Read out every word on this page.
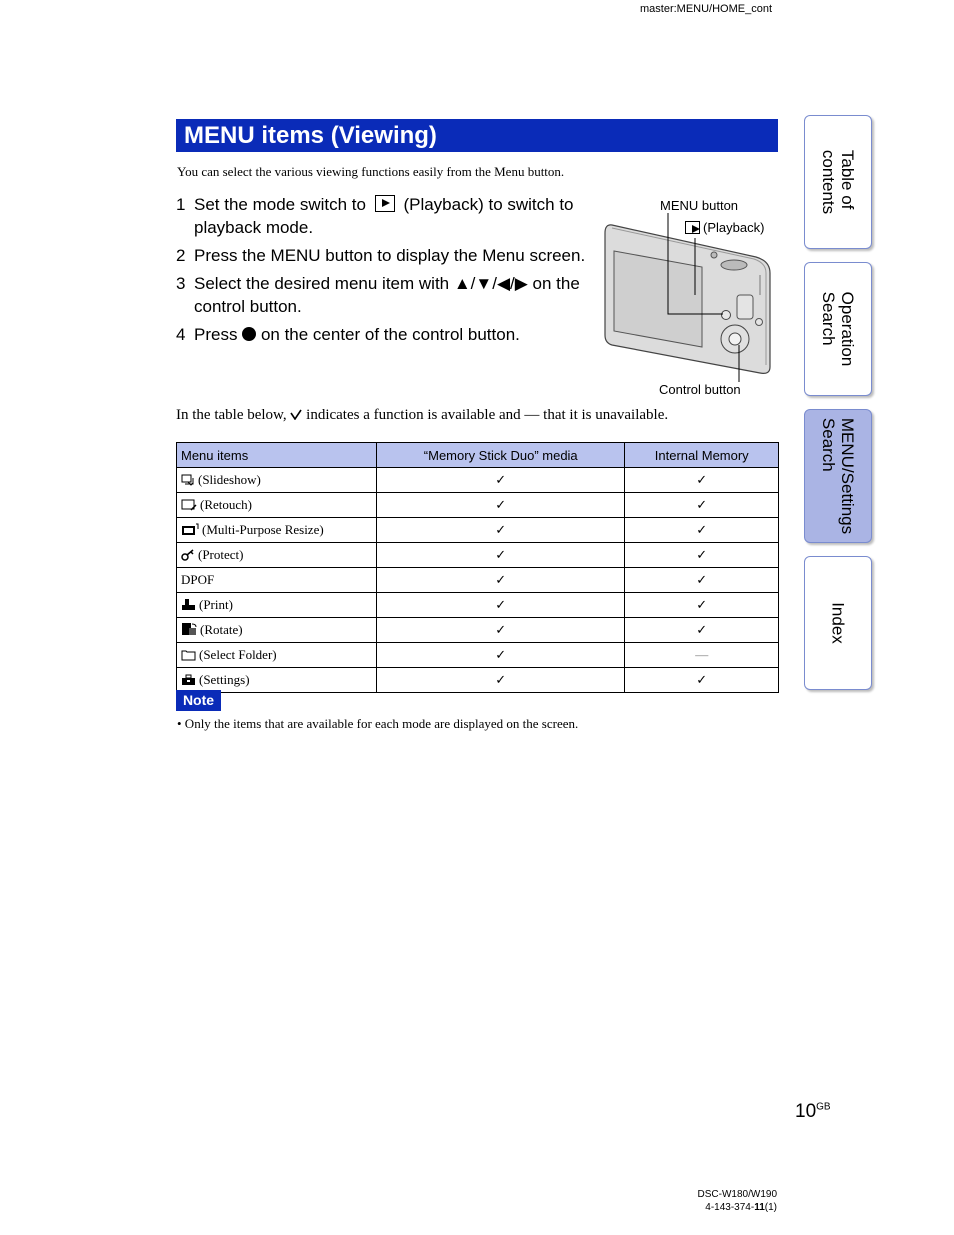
master:MENU/HOME_cont
MENU items (Viewing)
You can select the various viewing functions easily from the Menu button.
1 Set the mode switch to (Playback) to switch to playback mode.
2 Press the MENU button to display the Menu screen.
3 Select the desired menu item with ▲/▼/◀/▶ on the control button.
4 Press on the center of the control button.
MENU button
(Playback)
Control button
In the table below, indicates a function is available and — that it is unavailable.
Menu items	“Memory Stick Duo” media	Internal Memory
(Slideshow)	✓	✓
(Retouch)	✓	✓
(Multi-Purpose Resize)	✓	✓
(Protect)	✓	✓
DPOF	✓	✓
(Print)	✓	✓
(Rotate)	✓	✓
(Select Folder)	✓	—
(Settings)	✓	✓
Note
• Only the items that are available for each mode are displayed on the screen.
Table of
contents
Operation
Search
MENU/Settings
Search
Index
$10^{GB}$
DSC-W180/W190
4-143-374-11(1)
